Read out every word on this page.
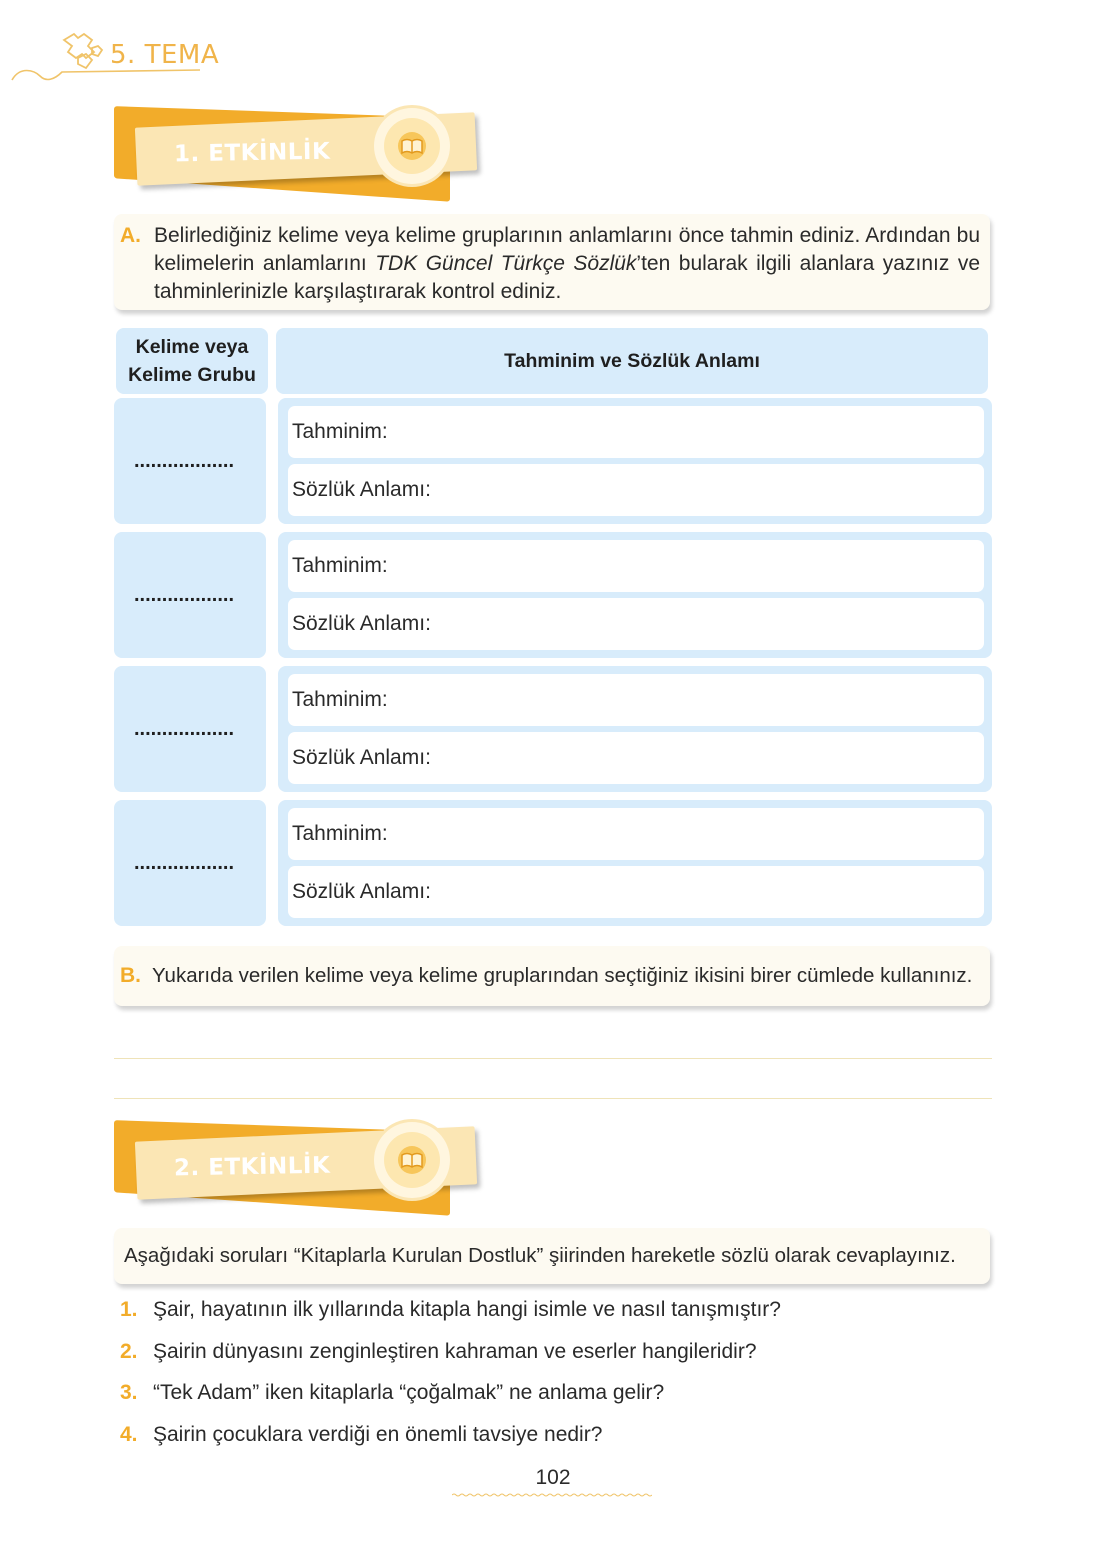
5. TEMA
1. ETKİNLİK
A. Belirlediğiniz kelime veya kelime gruplarının anlamlarını önce tahmin ediniz. Ardından bu kelimelerin anlamlarını TDK Güncel Türkçe Sözlük’ten bularak ilgili alanlara yazınız ve tahminlerinizle karşılaştırarak kontrol ediniz.
Kelime veya
Kelime Grubu
Tahminim ve Sözlük Anlamı
..................
Tahminim:
Sözlük Anlamı:
..................
Tahminim:
Sözlük Anlamı:
..................
Tahminim:
Sözlük Anlamı:
..................
Tahminim:
Sözlük Anlamı:
B. Yukarıda verilen kelime veya kelime gruplarından seçtiğiniz ikisini birer cümlede kullanınız.
2. ETKİNLİK
Aşağıdaki soruları “Kitaplarla Kurulan Dostluk” şiirinden hareketle sözlü olarak cevaplayınız.
1. Şair, hayatının ilk yıllarında kitapla hangi isimle ve nasıl tanışmıştır?
2. Şairin dünyasını zenginleştiren kahraman ve eserler hangileridir?
3. “Tek Adam” iken kitaplarla “çoğalmak” ne anlama gelir?
4. Şairin çocuklara verdiği en önemli tavsiye nedir?
102
